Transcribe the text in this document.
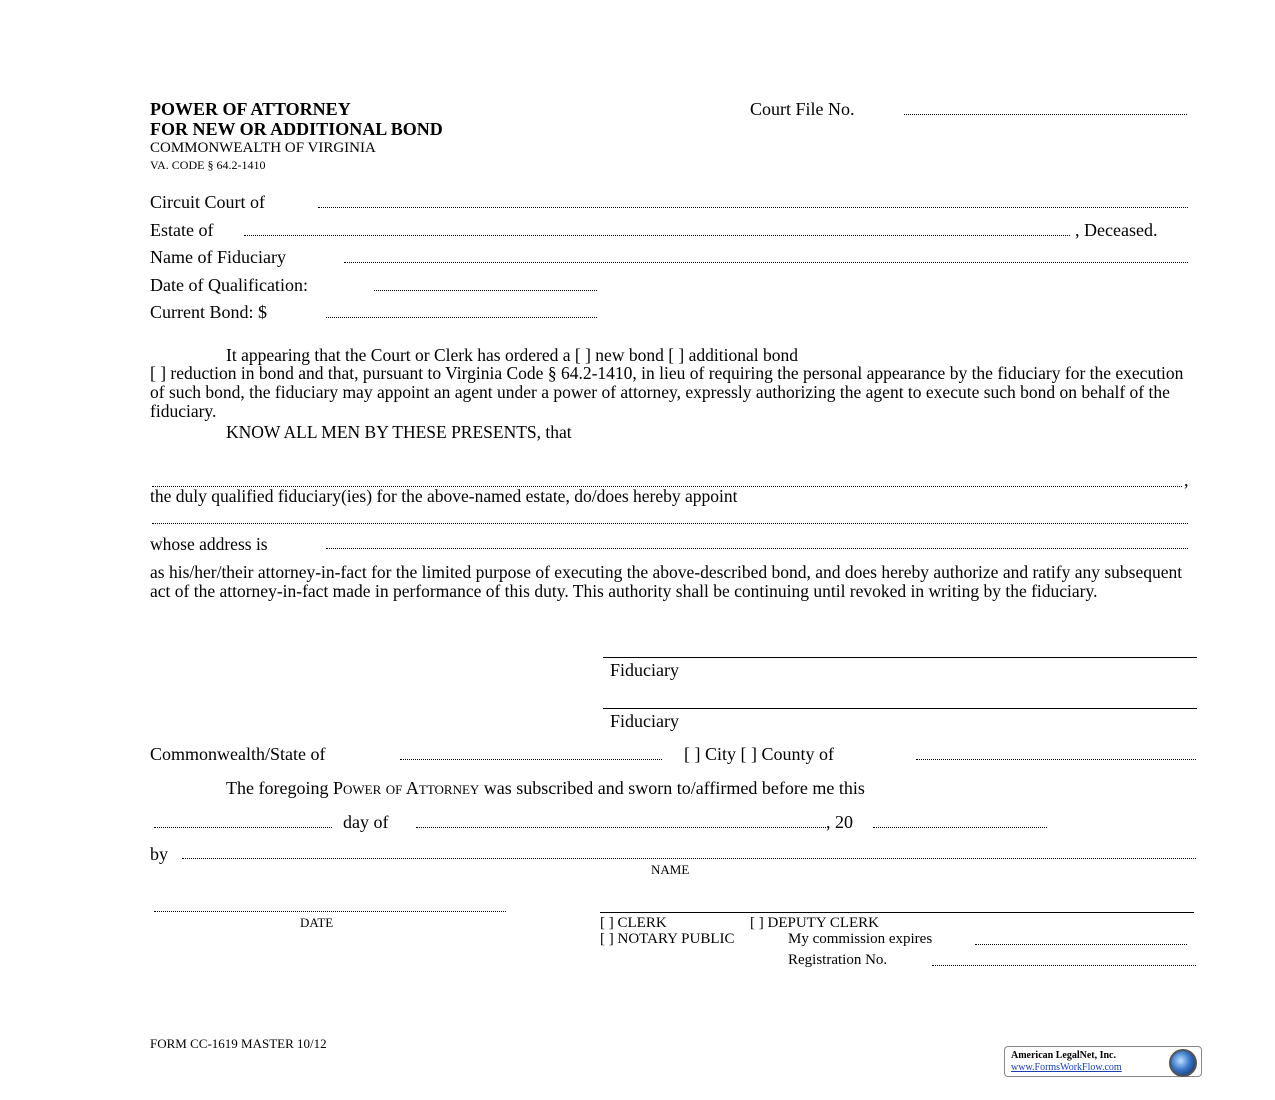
POWER OF ATTORNEY
FOR NEW OR ADDITIONAL BOND
COMMONWEALTH OF VIRGINIA
VA. CODE § 64.2-1410
Court File No.
Circuit Court of
Estate of	, Deceased.
Name of Fiduciary
Date of Qualification:
Current Bond: $
It appearing that the Court or Clerk has ordered a [ ] new bond [ ] additional bond
[ ] reduction in bond and that, pursuant to Virginia Code § 64.2-1410, in lieu of requiring the personal appearance by the fiduciary for the execution of such bond, the fiduciary may appoint an agent under a power of attorney, expressly authorizing the agent to execute such bond on behalf of the fiduciary.
KNOW ALL MEN BY THESE PRESENTS, that
,
the duly qualified fiduciary(ies) for the above-named estate, do/does hereby appoint
whose address is
as his/her/their attorney-in-fact for the limited purpose of executing the above-described bond, and does hereby authorize and ratify any subsequent act of the attorney-in-fact made in performance of this duty. This authority shall be continuing until revoked in writing by the fiduciary.
Fiduciary
Fiduciary
Commonwealth/State of	[ ] City [ ] County of
The foregoing Power of Attorney was subscribed and sworn to/affirmed before me this
day of	, 20
by
NAME
DATE	[ ] CLERK	[ ] DEPUTY CLERK
[ ] NOTARY PUBLIC	My commission expires
Registration No.
FORM CC-1619 MASTER 10/12
American LegalNet, Inc.
www.FormsWorkFlow.com
